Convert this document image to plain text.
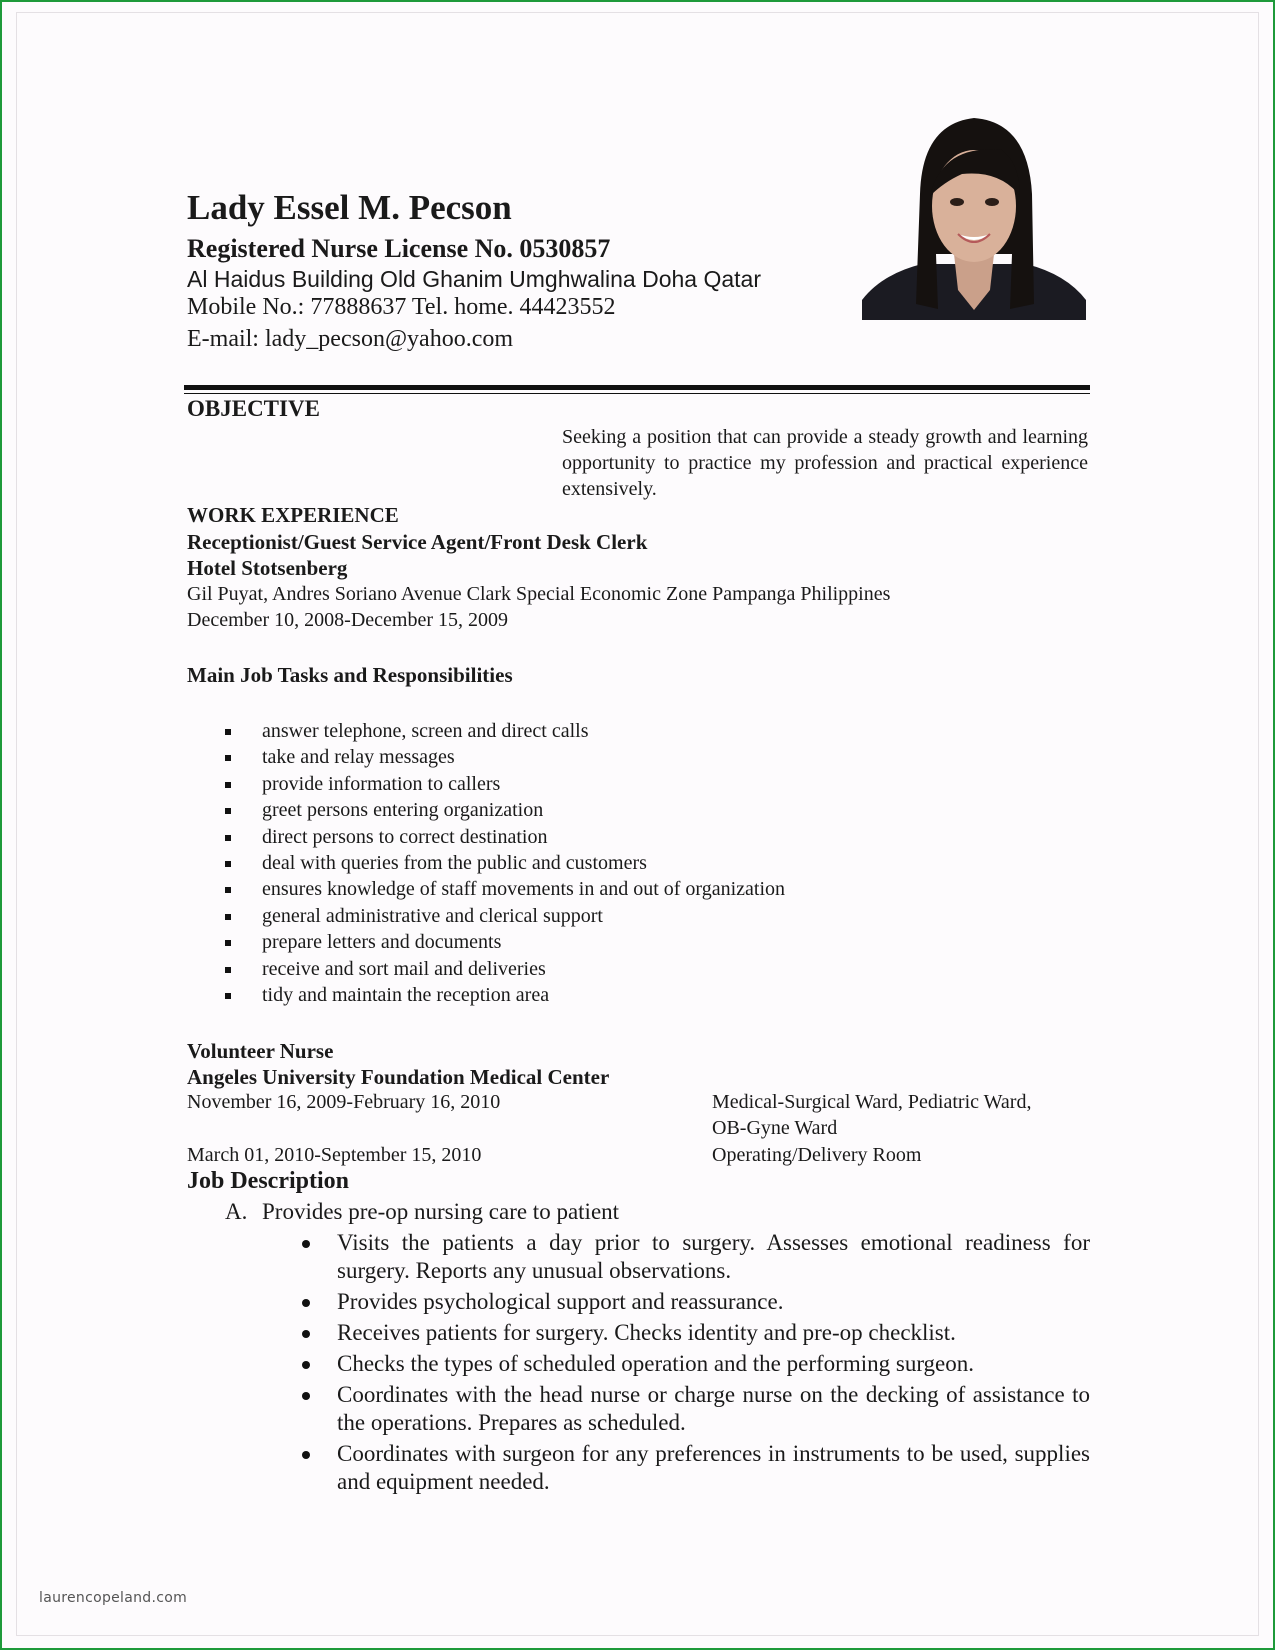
Lady Essel M. Pecson
Registered Nurse License No. 0530857
Al Haidus Building Old Ghanim Umghwalina Doha Qatar
Mobile No.: 77888637 Tel. home. 44423552
E-mail: lady_pecson@yahoo.com
OBJECTIVE
Seeking a position that can provide a steady growth and learning opportunity to practice my profession and practical experience extensively.
WORK EXPERIENCE
Receptionist/Guest Service Agent/Front Desk Clerk
Hotel Stotsenberg
Gil Puyat, Andres Soriano Avenue Clark Special Economic Zone Pampanga Philippines
December 10, 2008-December 15, 2009
Main Job Tasks and Responsibilities
answer telephone, screen and direct calls
take and relay messages
provide information to callers
greet persons entering organization
direct persons to correct destination
deal with queries from the public and customers
ensures knowledge of staff movements in and out of organization
general administrative and clerical support
prepare letters and documents
receive and sort mail and deliveries
tidy and maintain the reception area
Volunteer Nurse
Angeles University Foundation Medical Center
November 16, 2009-February 16, 2010
March 01, 2010-September 15, 2010
Medical-Surgical Ward, Pediatric Ward,
OB-Gyne Ward
Operating/Delivery Room
Job Description
A. Provides pre-op nursing care to patient
Visits the patients a day prior to surgery. Assesses emotional readiness for surgery. Reports any unusual observations.
Provides psychological support and reassurance.
Receives patients for surgery. Checks identity and pre-op checklist.
Checks the types of scheduled operation and the performing surgeon.
Coordinates with the head nurse or charge nurse on the decking of assistance to the operations. Prepares as scheduled.
Coordinates with surgeon for any preferences in instruments to be used, supplies and equipment needed.
laurencopeland.com
